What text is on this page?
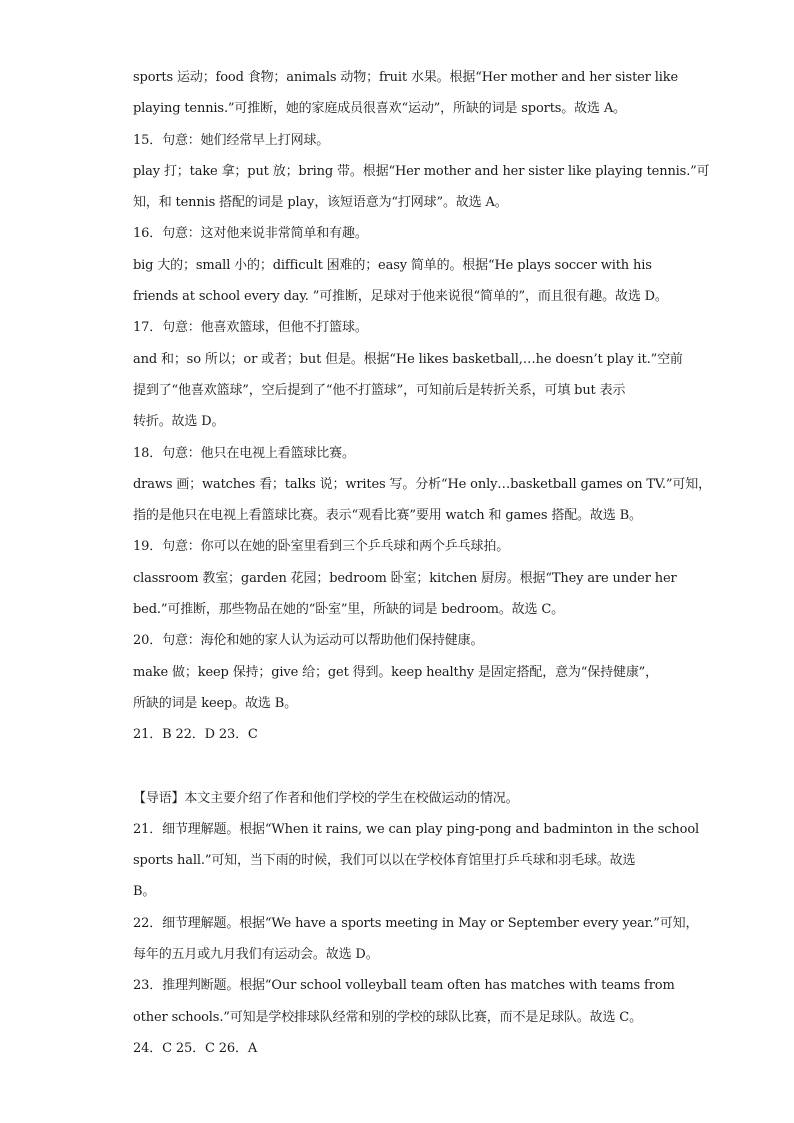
sports 运动；food 食物；animals 动物；fruit 水果。根据“Her mother and her sister like
playing tennis.”可推断，她的家庭成员很喜欢“运动”，所缺的词是 sports。故选 A。
15．句意：她们经常早上打网球。
play 打；take 拿；put 放；bring 带。根据“Her mother and her sister like playing tennis.”可
知，和 tennis 搭配的词是 play，该短语意为“打网球”。故选 A。
16．句意：这对他来说非常简单和有趣。
big 大的；small 小的；difficult 困难的；easy 简单的。根据“He plays soccer with his
friends at school every day. ”可推断，足球对于他来说很“简单的”，而且很有趣。故选 D。
17．句意：他喜欢篮球，但他不打篮球。
and 和；so 所以；or 或者；but 但是。根据“He likes basketball,…he doesn’t play it.”空前
提到了“他喜欢篮球”，空后提到了“他不打篮球”，可知前后是转折关系，可填 but 表示
转折。故选 D。
18．句意：他只在电视上看篮球比赛。
draws 画；watches 看；talks 说；writes 写。分析“He only…basketball games on TV.”可知，
指的是他只在电视上看篮球比赛。表示“观看比赛”要用 watch 和 games 搭配。故选 B。
19．句意：你可以在她的卧室里看到三个乒乓球和两个乒乓球拍。
classroom 教室；garden 花园；bedroom 卧室；kitchen 厨房。根据“They are under her
bed.”可推断，那些物品在她的“卧室”里，所缺的词是 bedroom。故选 C。
20．句意：海伦和她的家人认为运动可以帮助他们保持健康。
make 做；keep 保持；give 给；get 得到。keep healthy 是固定搭配，意为“保持健康”，
所缺的词是 keep。故选 B。
21．B 22．D 23．C
【导语】本文主要介绍了作者和他们学校的学生在校做运动的情况。
21．细节理解题。根据“When it rains, we can play ping-pong and badminton in the school
sports hall.”可知，当下雨的时候，我们可以以在学校体育馆里打乒乓球和羽毛球。故选
B。
22．细节理解题。根据“We have a sports meeting in May or September every year.”可知，
每年的五月或九月我们有运动会。故选 D。
23．推理判断题。根据“Our school volleyball team often has matches with teams from
other schools.”可知是学校排球队经常和别的学校的球队比赛，而不是足球队。故选 C。
24．C 25．C 26．A
